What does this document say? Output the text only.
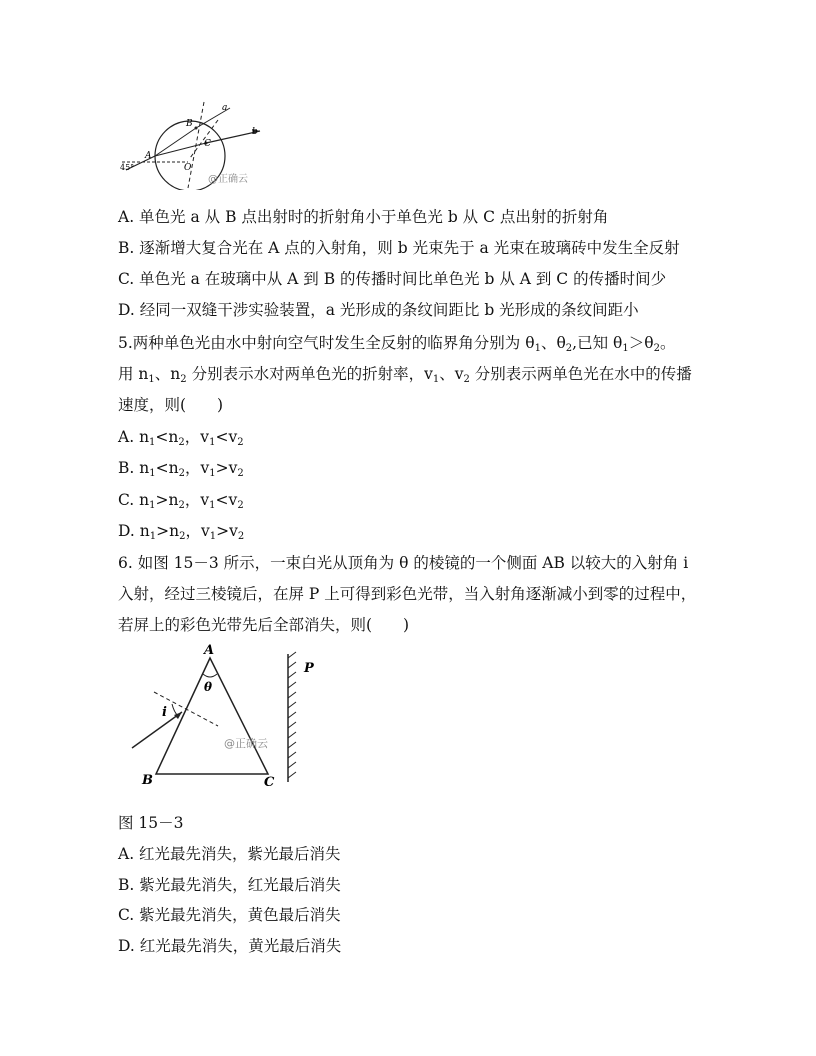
a
b
A
B
C
O
45°
@正确云
A. 单色光 a 从 B 点出射时的折射角小于单色光 b 从 C 点出射的折射角
B. 逐渐增大复合光在 A 点的入射角，则 b 光束先于 a 光束在玻璃砖中发生全反射
C. 单色光 a 在玻璃中从 A 到 B 的传播时间比单色光 b 从 A 到 C 的传播时间少
D. 经同一双缝干涉实验装置，a 光形成的条纹间距比 b 光形成的条纹间距小
5.两种单色光由水中射向空气时发生全反射的临界角分别为 $\theta_1$、$\theta_2$,已知 $\theta_1>\theta_2$。
用 $n_1$、$n_2$ 分别表示水对两单色光的折射率，$v_1$、$v_2$ 分别表示两单色光在水中的传播
速度，则(　　)
A. $n_1<n_2$，$v_1<v_2$
B. $n_1<n_2$，$v_1>v_2$
C. $n_1>n_2$，$v_1<v_2$
D. $n_1>n_2$，$v_1>v_2$
6. 如图 15－3 所示，一束白光从顶角为 θ 的棱镜的一个侧面 AB 以较大的入射角 i
入射，经过三棱镜后，在屏 P 上可得到彩色光带，当入射角逐渐减小到零的过程中，
若屏上的彩色光带先后全部消失，则(　　)
A
B	C
P
θ
i
@正确云
图 15－3
A. 红光最先消失，紫光最后消失
B. 紫光最先消失，红光最后消失
C. 紫光最先消失，黄色最后消失
D. 红光最先消失，黄光最后消失
